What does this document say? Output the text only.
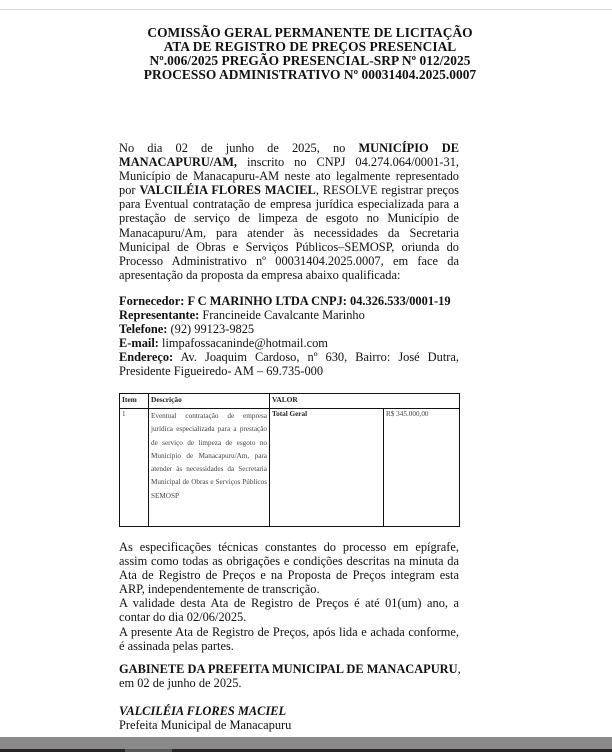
COMISSÃO GERAL PERMANENTE DE LICITAÇÃO
ATA DE REGISTRO DE PREÇOS PRESENCIAL
Nº.006/2025 PREGÃO PRESENCIAL-SRP Nº 012/2025
PROCESSO ADMINISTRATIVO Nº 00031404.2025.0007
No dia 02 de junho de 2025, no MUNICÍPIO DE MANACAPURU/AM, inscrito no CNPJ 04.274.064/0001-31, Município de Manacapuru-AM neste ato legalmente representado por VALCILÉIA FLORES MACIEL, RESOLVE registrar preços para Eventual contratação de empresa jurídica especializada para a prestação de serviço de limpeza de esgoto no Município de Manacapuru/Am, para atender às necessidades da Secretaria Municipal de Obras e Serviços Públicos–SEMOSP, oriunda do Processo Administrativo nº 00031404.2025.0007, em face da apresentação da proposta da empresa abaixo qualificada:
Fornecedor: F C MARINHO LTDA CNPJ: 04.326.533/0001-19
Representante: Francineide Cavalcante Marinho
Telefone: (92) 99123-9825
E-mail: limpafossacaninde@hotmail.com
Endereço: Av. Joaquim Cardoso, nº 630, Bairro: José Dutra, Presidente Figueiredo- AM – 69.735-000
Item	Descrição	VALOR	
1	Eventual contratação de empresa jurídica especializada para a prestação de serviço de limpeza de esgoto no Município de Manacapuru/Am, para atender às necessidades da Secretaria Municipal de Obras e Serviços Públicos SEMOSP	Total Geral	R$ 345.000,00

As especificações técnicas constantes do processo em epígrafe, assim como todas as obrigações e condições descritas na minuta da Ata de Registro de Preços e na Proposta de Preços integram esta ARP, independentemente de transcrição.

A validade desta Ata de Registro de Preços é até 01(um) ano, a contar do dia 02/06/2025.

A presente Ata de Registro de Preços, após lida e achada conforme, é assinada pelas partes.

GABINETE DA PREFEITA MUNICIPAL DE MANACAPURU,

em 02 de junho de 2025.

VALCILÉIA FLORES MACIEL

Prefeita Municipal de Manacapuru
